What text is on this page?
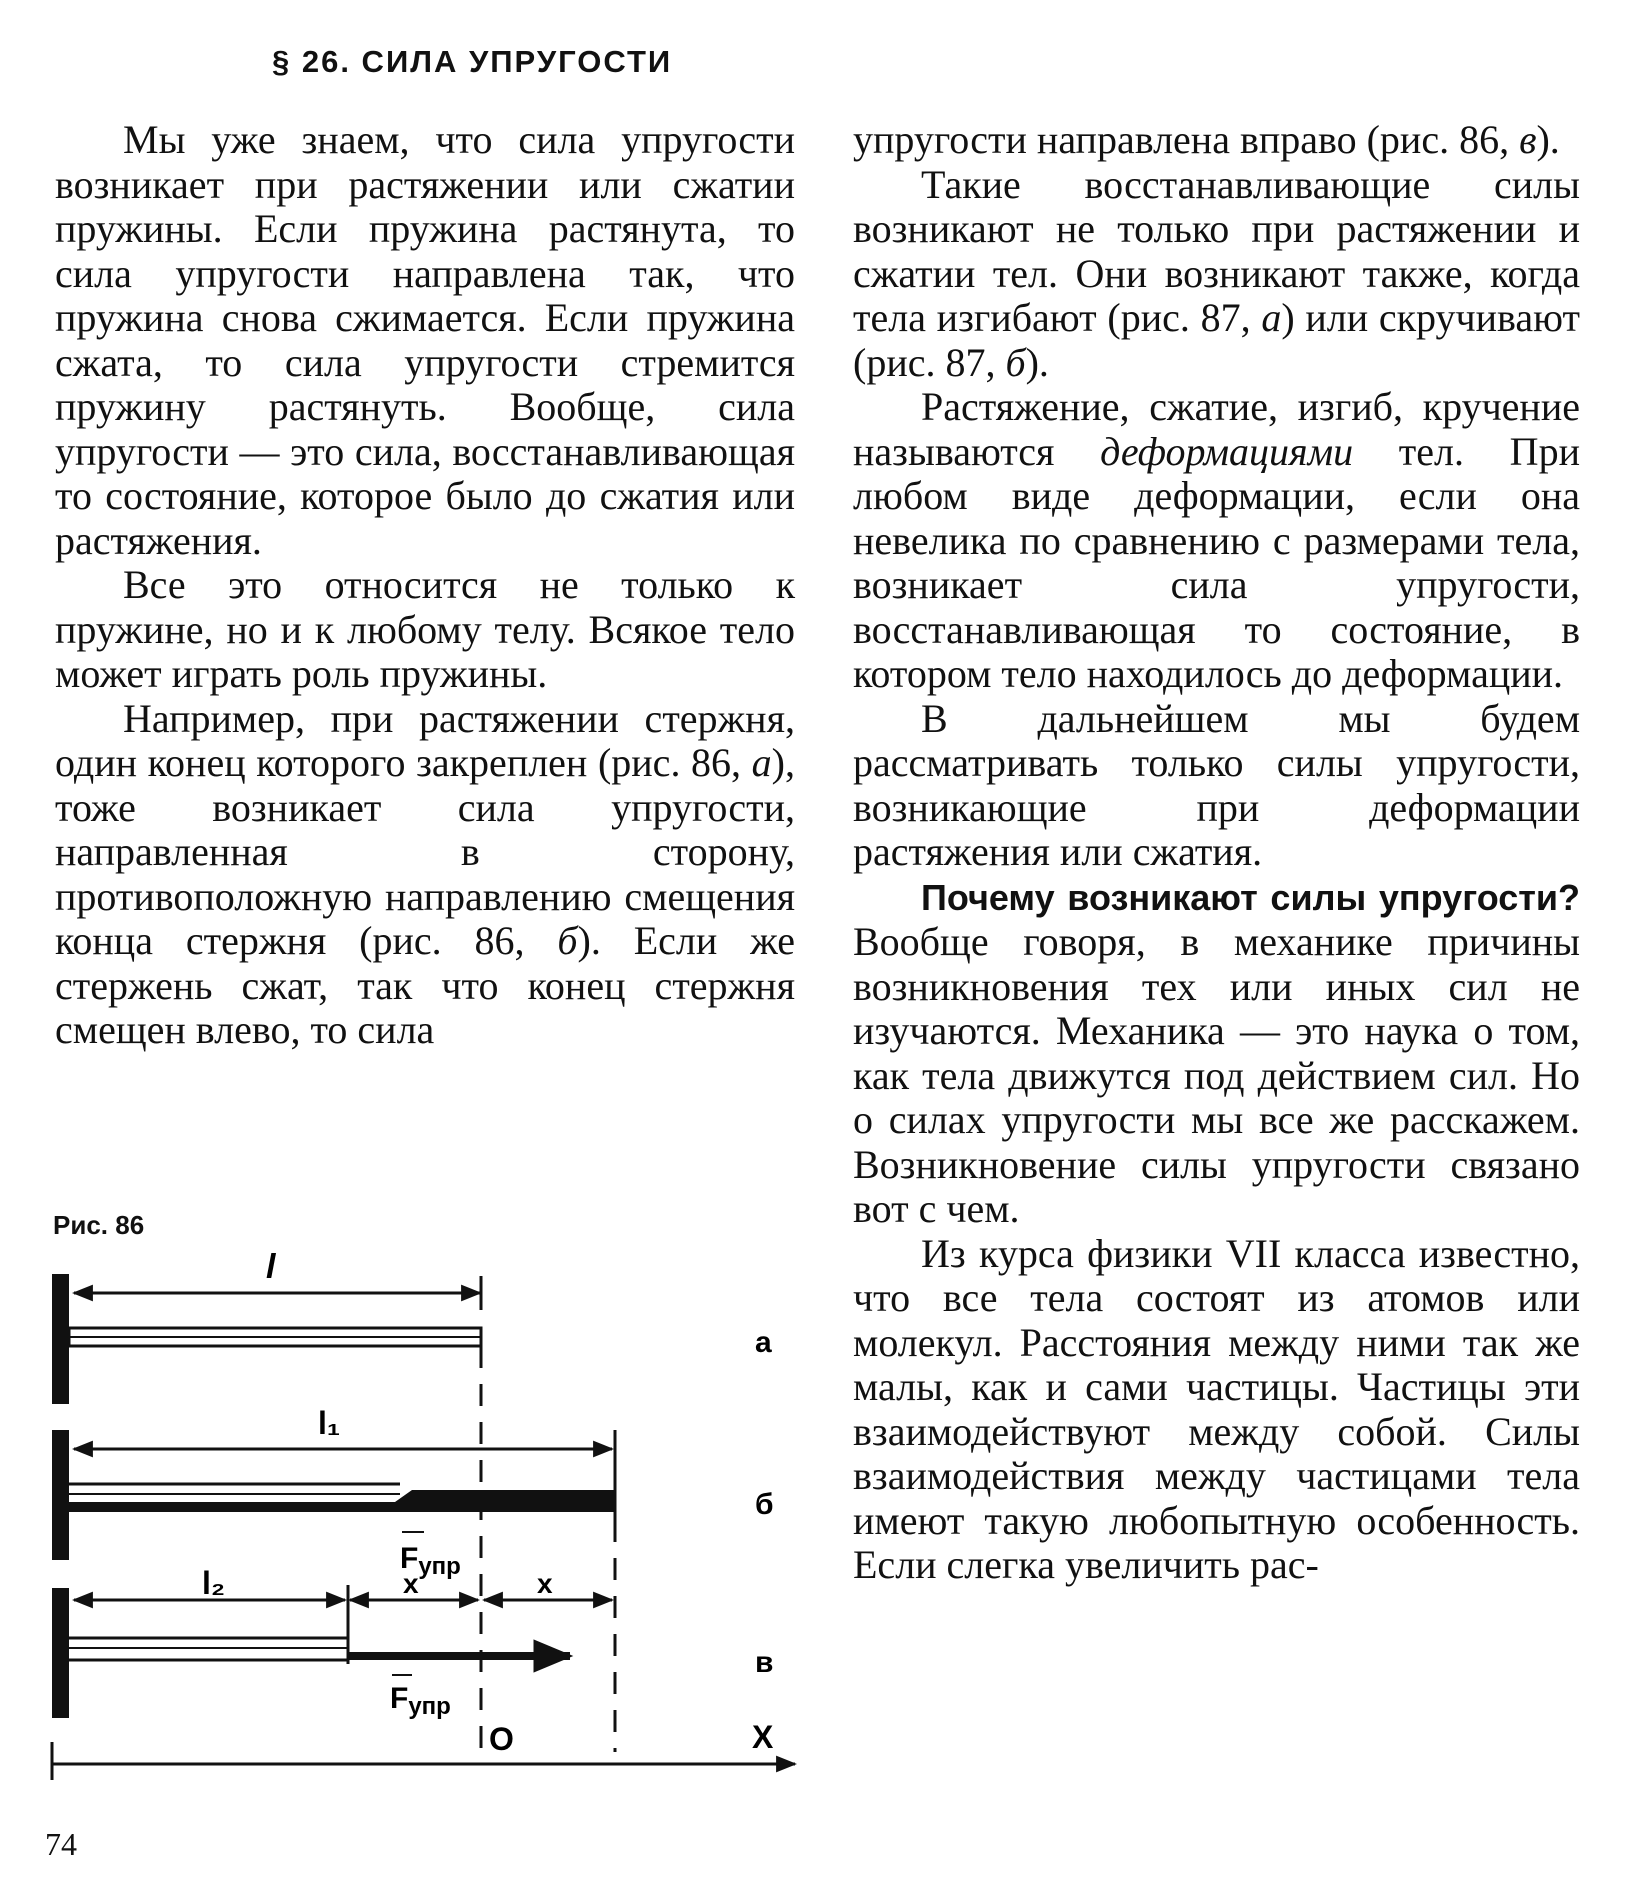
§ 26. СИЛА УПРУГОСТИ

Мы уже знаем, что сила упругости возникает при растяжении или сжатии пружины. Если пружина растянута, то сила упругости направлена так, что пружина снова сжимается. Если пружина сжата, то сила упругости стремится пружину растянуть. Вообще, сила упругости — это сила, восстанавливающая то состояние, которое было до сжатия или растяжения.

Все это относится не только к пружине, но и к любому телу. Всякое тело может играть роль пружины.

Например, при растяжении стержня, один конец которого закреплен (рис. 86, а), тоже возникает сила упругости, направленная в сторону, противоположную направлению смещения конца стержня (рис. 86, б). Если же стержень сжат, так что конец стержня смещен влево, то сила

упругости направлена вправо (рис. 86, в).

Такие восстанавливающие силы возникают не только при растяжении и сжатии тел. Они возникают также, когда тела изгибают (рис. 87, а) или скручивают (рис. 87, б).

Растяжение, сжатие, изгиб, кручение называются деформациями тел. При любом виде деформации, если она невелика по сравнению с размерами тела, возникает сила упругости, восстанавливающая то состояние, в котором тело находилось до деформации.

В дальнейшем мы будем рассматривать только силы упругости, возникающие при деформации растяжения или сжатия.

Почему возникают силы упругости? Вообще говоря, в механике причины возникновения тех или иных сил не изучаются. Механика — это наука о том, как тела движутся под действием сил. Но о силах упругости мы все же расскажем. Возникновение силы упругости связано вот с чем.

Из курса физики VII класса известно, что все тела состоят из атомов или молекул. Расстояния между ними так же малы, как и сами частицы. Частицы эти взаимодействуют между собой. Силы взаимодействия между частицами тела имеют такую любопытную особенность. Если слегка увеличить рас-

Рис. 86
l
а
l₁
б
$F_{упр}$
l₂	x	x
в
$F_{упр}$
O	X
74
